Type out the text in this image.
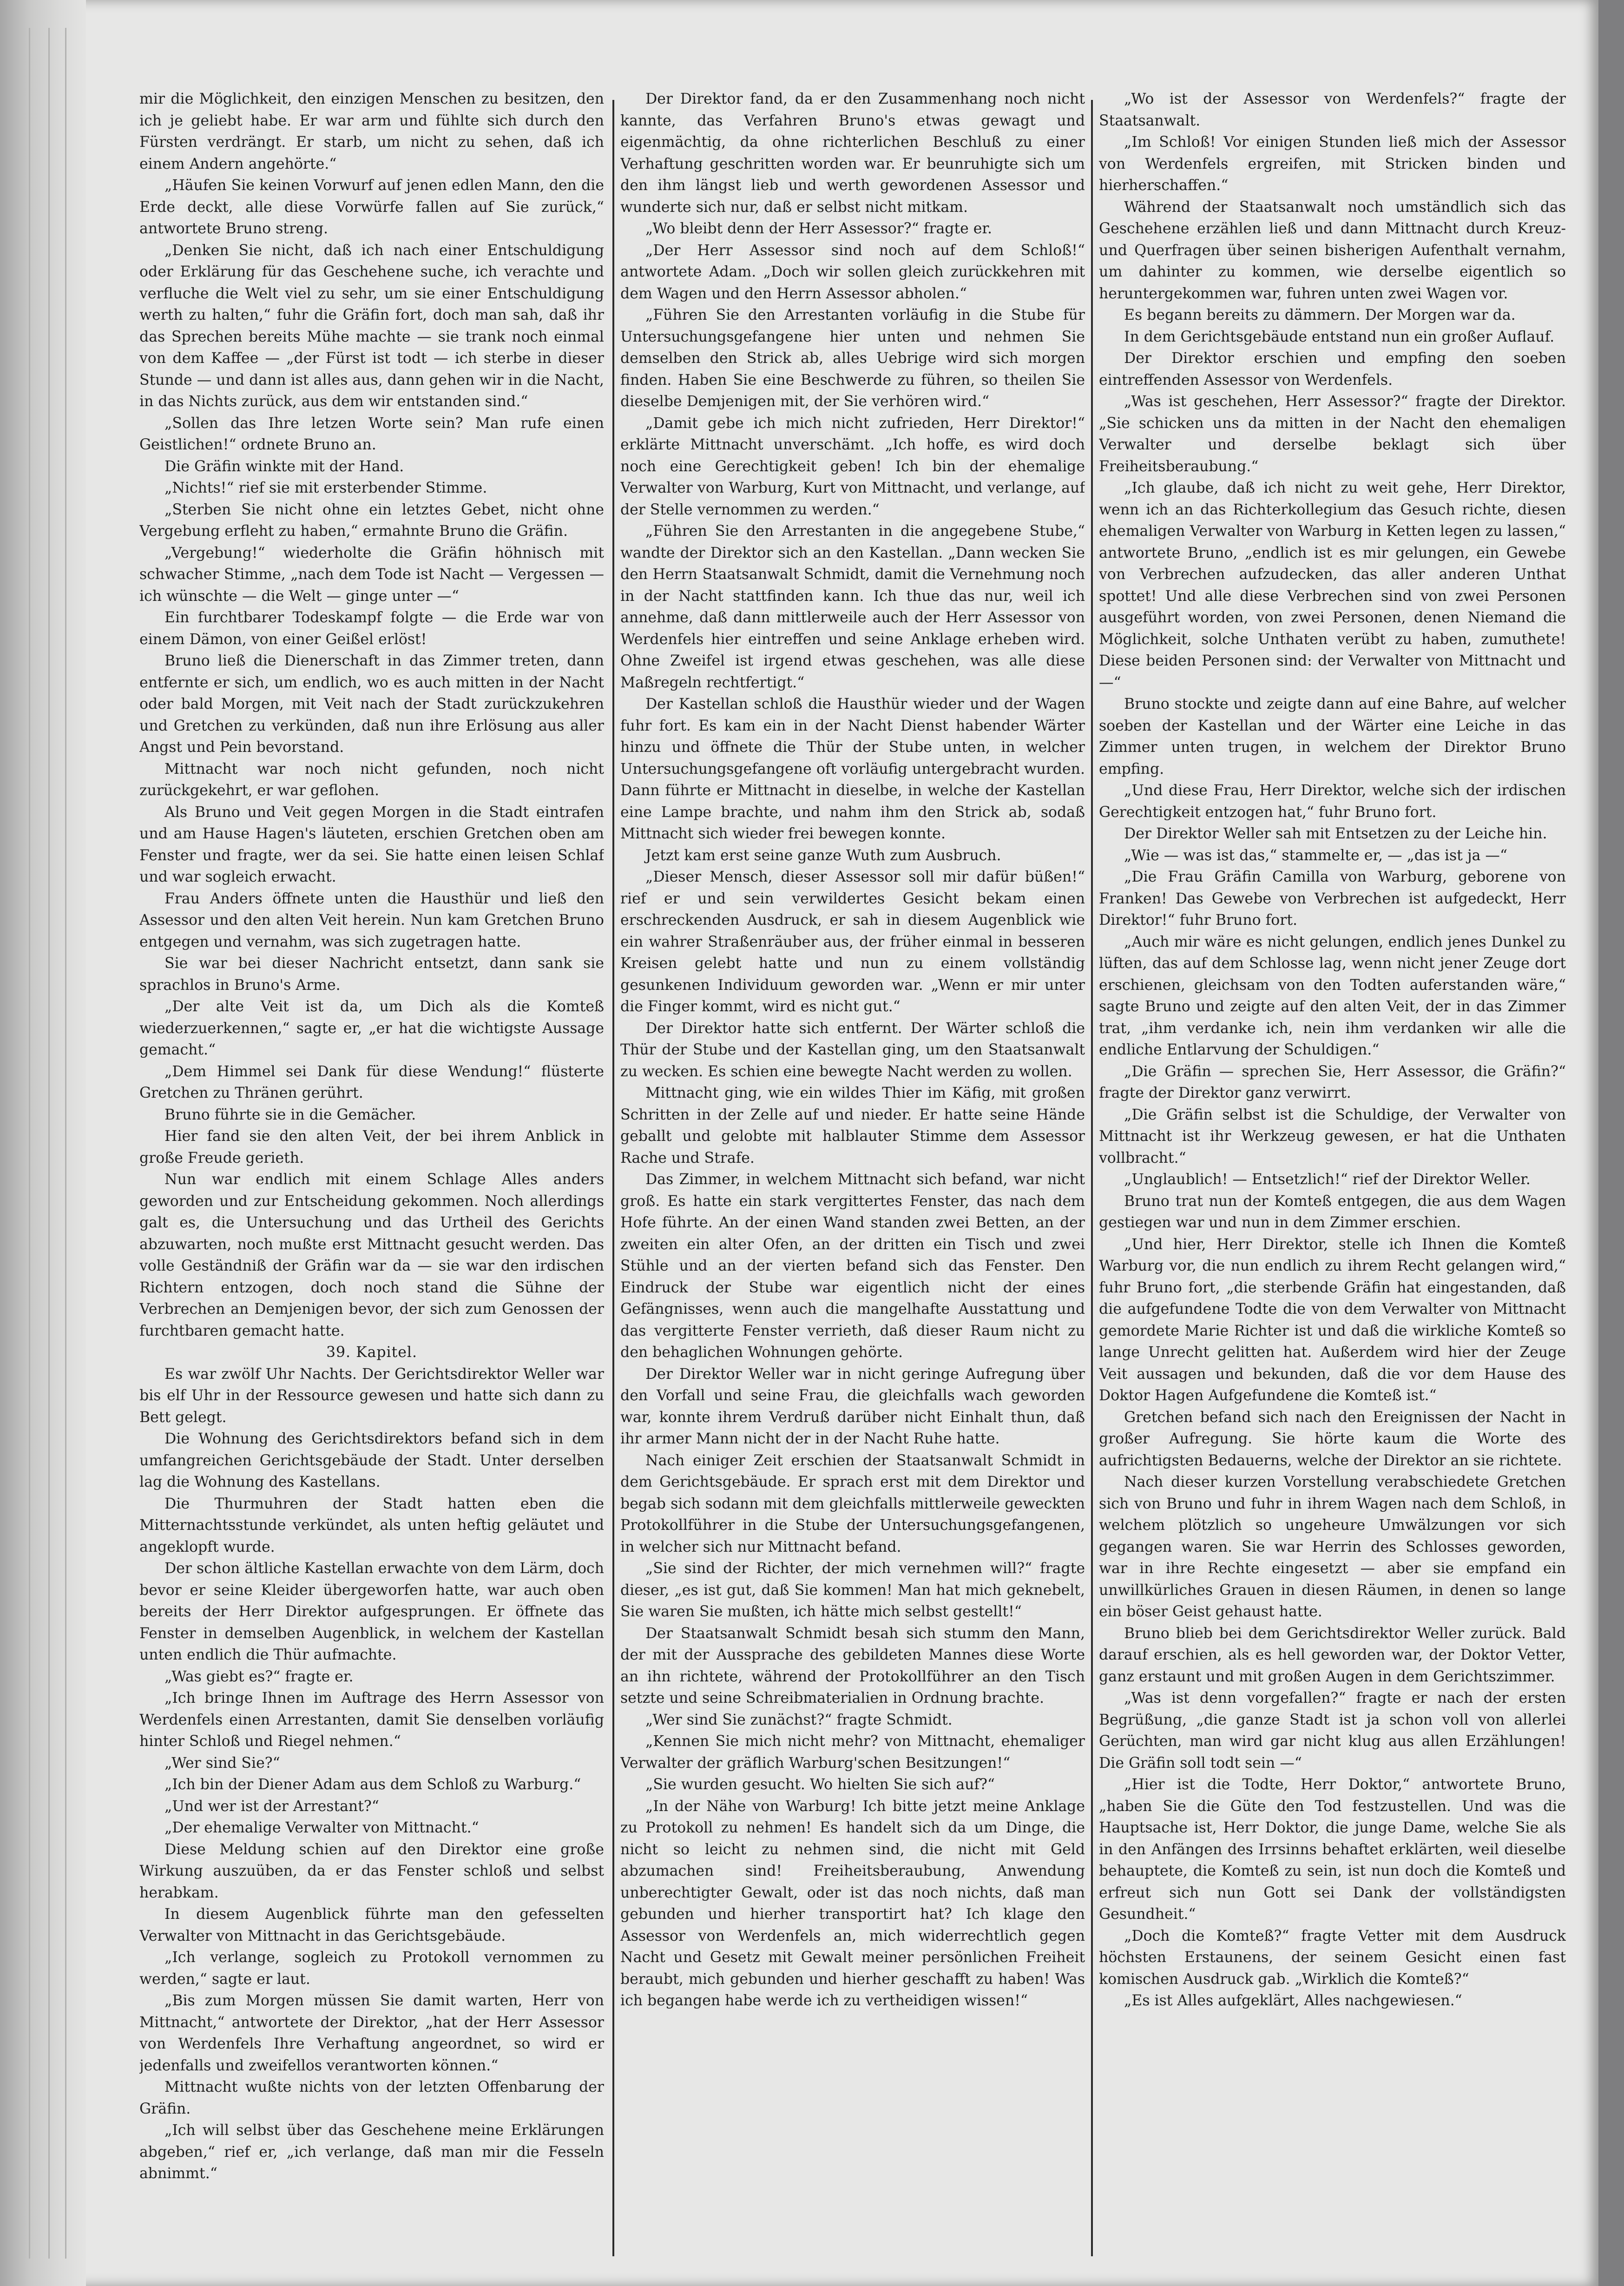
mir die Möglichkeit, den einzigen Menschen zu besitzen, den ich je geliebt habe. Er war arm und fühlte sich durch den Fürsten verdrängt. Er starb, um nicht zu sehen, daß ich einem Andern angehörte.“

„Häufen Sie keinen Vorwurf auf jenen edlen Mann, den die Erde deckt, alle diese Vorwürfe fallen auf Sie zurück,“ antwortete Bruno streng.

„Denken Sie nicht, daß ich nach einer Entschuldigung oder Erklärung für das Geschehene suche, ich verachte und verfluche die Welt viel zu sehr, um sie einer Entschuldigung werth zu halten,“ fuhr die Gräfin fort, doch man sah, daß ihr das Sprechen bereits Mühe machte — sie trank noch einmal von dem Kaffee — „der Fürst ist todt — ich sterbe in dieser Stunde — und dann ist alles aus, dann gehen wir in die Nacht, in das Nichts zurück, aus dem wir entstanden sind.“

„Sollen das Ihre letzen Worte sein? Man rufe einen Geistlichen!“ ordnete Bruno an.

Die Gräfin winkte mit der Hand.

„Nichts!“ rief sie mit ersterbender Stimme.

„Sterben Sie nicht ohne ein letztes Gebet, nicht ohne Vergebung erfleht zu haben,“ ermahnte Bruno die Gräfin.

„Vergebung!“ wiederholte die Gräfin höhnisch mit schwacher Stimme, „nach dem Tode ist Nacht — Vergessen — ich wünschte — die Welt — ginge unter —“

Ein furchtbarer Todeskampf folgte — die Erde war von einem Dämon, von einer Geißel erlöst!

Bruno ließ die Dienerschaft in das Zimmer treten, dann entfernte er sich, um endlich, wo es auch mitten in der Nacht oder bald Morgen, mit Veit nach der Stadt zurückzukehren und Gretchen zu verkünden, daß nun ihre Erlösung aus aller Angst und Pein bevorstand.

Mittnacht war noch nicht gefunden, noch nicht zurückgekehrt, er war geflohen.

Als Bruno und Veit gegen Morgen in die Stadt eintrafen und am Hause Hagen's läuteten, erschien Gretchen oben am Fenster und fragte, wer da sei. Sie hatte einen leisen Schlaf und war sogleich erwacht.

Frau Anders öffnete unten die Hausthür und ließ den Assessor und den alten Veit herein. Nun kam Gretchen Bruno entgegen und vernahm, was sich zugetragen hatte.

Sie war bei dieser Nachricht entsetzt, dann sank sie sprachlos in Bruno's Arme.

„Der alte Veit ist da, um Dich als die Komteß wiederzuerkennen,“ sagte er, „er hat die wichtigste Aussage gemacht.“

„Dem Himmel sei Dank für diese Wendung!“ flüsterte Gretchen zu Thränen gerührt.

Bruno führte sie in die Gemächer.

Hier fand sie den alten Veit, der bei ihrem Anblick in große Freude gerieth.

Nun war endlich mit einem Schlage Alles anders geworden und zur Entscheidung gekommen. Noch allerdings galt es, die Untersuchung und das Urtheil des Gerichts abzuwarten, noch mußte erst Mittnacht gesucht werden. Das volle Geständniß der Gräfin war da — sie war den irdischen Richtern entzogen, doch noch stand die Sühne der Verbrechen an Demjenigen bevor, der sich zum Genossen der furchtbaren gemacht hatte.

39. Kapitel.

Es war zwölf Uhr Nachts. Der Gerichtsdirektor Weller war bis elf Uhr in der Ressource gewesen und hatte sich dann zu Bett gelegt.

Die Wohnung des Gerichtsdirektors befand sich in dem umfangreichen Gerichtsgebäude der Stadt. Unter derselben lag die Wohnung des Kastellans.

Die Thurmuhren der Stadt hatten eben die Mitternachtsstunde verkündet, als unten heftig geläutet und angeklopft wurde.

Der schon ältliche Kastellan erwachte von dem Lärm, doch bevor er seine Kleider übergeworfen hatte, war auch oben bereits der Herr Direktor aufgesprungen. Er öffnete das Fenster in demselben Augenblick, in welchem der Kastellan unten endlich die Thür aufmachte.

„Was giebt es?“ fragte er.

„Ich bringe Ihnen im Auftrage des Herrn Assessor von Werdenfels einen Arrestanten, damit Sie denselben vorläufig hinter Schloß und Riegel nehmen.“

„Wer sind Sie?“

„Ich bin der Diener Adam aus dem Schloß zu Warburg.“

„Und wer ist der Arrestant?“

„Der ehemalige Verwalter von Mittnacht.“

Diese Meldung schien auf den Direktor eine große Wirkung auszuüben, da er das Fenster schloß und selbst herabkam.

In diesem Augenblick führte man den gefesselten Verwalter von Mittnacht in das Gerichtsgebäude.

„Ich verlange, sogleich zu Protokoll vernommen zu werden,“ sagte er laut.

„Bis zum Morgen müssen Sie damit warten, Herr von Mittnacht,“ antwortete der Direktor, „hat der Herr Assessor von Werdenfels Ihre Verhaftung angeordnet, so wird er jedenfalls und zweifellos verantworten können.“

Mittnacht wußte nichts von der letzten Offenbarung der Gräfin.

„Ich will selbst über das Geschehene meine Erklärungen abgeben,“ rief er, „ich verlange, daß man mir die Fesseln abnimmt.“

Der Direktor fand, da er den Zusammenhang noch nicht kannte, das Verfahren Bruno's etwas gewagt und eigenmächtig, da ohne richterlichen Beschluß zu einer Verhaftung geschritten worden war. Er beunruhigte sich um den ihm längst lieb und werth gewordenen Assessor und wunderte sich nur, daß er selbst nicht mitkam.

„Wo bleibt denn der Herr Assessor?“ fragte er.

„Der Herr Assessor sind noch auf dem Schloß!“ antwortete Adam. „Doch wir sollen gleich zurückkehren mit dem Wagen und den Herrn Assessor abholen.“

„Führen Sie den Arrestanten vorläufig in die Stube für Untersuchungsgefangene hier unten und nehmen Sie demselben den Strick ab, alles Uebrige wird sich morgen finden. Haben Sie eine Beschwerde zu führen, so theilen Sie dieselbe Demjenigen mit, der Sie verhören wird.“

„Damit gebe ich mich nicht zufrieden, Herr Direktor!“ erklärte Mittnacht unverschämt. „Ich hoffe, es wird doch noch eine Gerechtigkeit geben! Ich bin der ehemalige Verwalter von Warburg, Kurt von Mittnacht, und verlange, auf der Stelle vernommen zu werden.“

„Führen Sie den Arrestanten in die angegebene Stube,“ wandte der Direktor sich an den Kastellan. „Dann wecken Sie den Herrn Staatsanwalt Schmidt, damit die Vernehmung noch in der Nacht stattfinden kann. Ich thue das nur, weil ich annehme, daß dann mittlerweile auch der Herr Assessor von Werdenfels hier eintreffen und seine Anklage erheben wird. Ohne Zweifel ist irgend etwas geschehen, was alle diese Maßregeln rechtfertigt.“

Der Kastellan schloß die Hausthür wieder und der Wagen fuhr fort. Es kam ein in der Nacht Dienst habender Wärter hinzu und öffnete die Thür der Stube unten, in welcher Untersuchungsgefangene oft vorläufig untergebracht wurden. Dann führte er Mittnacht in dieselbe, in welche der Kastellan eine Lampe brachte, und nahm ihm den Strick ab, sodaß Mittnacht sich wieder frei bewegen konnte.

Jetzt kam erst seine ganze Wuth zum Ausbruch.

„Dieser Mensch, dieser Assessor soll mir dafür büßen!“ rief er und sein verwildertes Gesicht bekam einen erschreckenden Ausdruck, er sah in diesem Augenblick wie ein wahrer Straßenräuber aus, der früher einmal in besseren Kreisen gelebt hatte und nun zu einem vollständig gesunkenen Individuum geworden war. „Wenn er mir unter die Finger kommt, wird es nicht gut.“

Der Direktor hatte sich entfernt. Der Wärter schloß die Thür der Stube und der Kastellan ging, um den Staatsanwalt zu wecken. Es schien eine bewegte Nacht werden zu wollen.

Mittnacht ging, wie ein wildes Thier im Käfig, mit großen Schritten in der Zelle auf und nieder. Er hatte seine Hände geballt und gelobte mit halblauter Stimme dem Assessor Rache und Strafe.

Das Zimmer, in welchem Mittnacht sich befand, war nicht groß. Es hatte ein stark vergittertes Fenster, das nach dem Hofe führte. An der einen Wand standen zwei Betten, an der zweiten ein alter Ofen, an der dritten ein Tisch und zwei Stühle und an der vierten befand sich das Fenster. Den Eindruck der Stube war eigentlich nicht der eines Gefängnisses, wenn auch die mangelhafte Ausstattung und das vergitterte Fenster verrieth, daß dieser Raum nicht zu den behaglichen Wohnungen gehörte.

Der Direktor Weller war in nicht geringe Aufregung über den Vorfall und seine Frau, die gleichfalls wach geworden war, konnte ihrem Verdruß darüber nicht Einhalt thun, daß ihr armer Mann nicht der in der Nacht Ruhe hatte.

Nach einiger Zeit erschien der Staatsanwalt Schmidt in dem Gerichtsgebäude. Er sprach erst mit dem Direktor und begab sich sodann mit dem gleichfalls mittlerweile geweckten Protokollführer in die Stube der Untersuchungsgefangenen, in welcher sich nur Mittnacht befand.

„Sie sind der Richter, der mich vernehmen will?“ fragte dieser, „es ist gut, daß Sie kommen! Man hat mich geknebelt, Sie waren Sie mußten, ich hätte mich selbst gestellt!“

Der Staatsanwalt Schmidt besah sich stumm den Mann, der mit der Aussprache des gebildeten Mannes diese Worte an ihn richtete, während der Protokollführer an den Tisch setzte und seine Schreibmaterialien in Ordnung brachte.

„Wer sind Sie zunächst?“ fragte Schmidt.

„Kennen Sie mich nicht mehr? von Mittnacht, ehemaliger Verwalter der gräflich Warburg'schen Besitzungen!“

„Sie wurden gesucht. Wo hielten Sie sich auf?“

„In der Nähe von Warburg! Ich bitte jetzt meine Anklage zu Protokoll zu nehmen! Es handelt sich da um Dinge, die nicht so leicht zu nehmen sind, die nicht mit Geld abzumachen sind! Freiheitsberaubung, Anwendung unberechtigter Gewalt, oder ist das noch nichts, daß man gebunden und hierher transportirt hat? Ich klage den Assessor von Werdenfels an, mich widerrechtlich gegen Nacht und Gesetz mit Gewalt meiner persönlichen Freiheit beraubt, mich gebunden und hierher geschafft zu haben! Was ich begangen habe werde ich zu vertheidigen wissen!“

„Wo ist der Assessor von Werdenfels?“ fragte der Staatsanwalt.

„Im Schloß! Vor einigen Stunden ließ mich der Assessor von Werdenfels ergreifen, mit Stricken binden und hierherschaffen.“

Während der Staatsanwalt noch umständlich sich das Geschehene erzählen ließ und dann Mittnacht durch Kreuz- und Querfragen über seinen bisherigen Aufenthalt vernahm, um dahinter zu kommen, wie derselbe eigentlich so heruntergekommen war, fuhren unten zwei Wagen vor.

Es begann bereits zu dämmern. Der Morgen war da.

In dem Gerichtsgebäude entstand nun ein großer Auflauf.

Der Direktor erschien und empfing den soeben eintreffenden Assessor von Werdenfels.

„Was ist geschehen, Herr Assessor?“ fragte der Direktor. „Sie schicken uns da mitten in der Nacht den ehemaligen Verwalter und derselbe beklagt sich über Freiheitsberaubung.“

„Ich glaube, daß ich nicht zu weit gehe, Herr Direktor, wenn ich an das Richterkollegium das Gesuch richte, diesen ehemaligen Verwalter von Warburg in Ketten legen zu lassen,“ antwortete Bruno, „endlich ist es mir gelungen, ein Gewebe von Verbrechen aufzudecken, das aller anderen Unthat spottet! Und alle diese Verbrechen sind von zwei Personen ausgeführt worden, von zwei Personen, denen Niemand die Möglichkeit, solche Unthaten verübt zu haben, zumuthete! Diese beiden Personen sind: der Verwalter von Mittnacht und —“

Bruno stockte und zeigte dann auf eine Bahre, auf welcher soeben der Kastellan und der Wärter eine Leiche in das Zimmer unten trugen, in welchem der Direktor Bruno empfing.

„Und diese Frau, Herr Direktor, welche sich der irdischen Gerechtigkeit entzogen hat,“ fuhr Bruno fort.

Der Direktor Weller sah mit Entsetzen zu der Leiche hin.

„Wie — was ist das,“ stammelte er, — „das ist ja —“

„Die Frau Gräfin Camilla von Warburg, geborene von Franken! Das Gewebe von Verbrechen ist aufgedeckt, Herr Direktor!“ fuhr Bruno fort.

„Auch mir wäre es nicht gelungen, endlich jenes Dunkel zu lüften, das auf dem Schlosse lag, wenn nicht jener Zeuge dort erschienen, gleichsam von den Todten auferstanden wäre,“ sagte Bruno und zeigte auf den alten Veit, der in das Zimmer trat, „ihm verdanke ich, nein ihm verdanken wir alle die endliche Entlarvung der Schuldigen.“

„Die Gräfin — sprechen Sie, Herr Assessor, die Gräfin?“ fragte der Direktor ganz verwirrt.

„Die Gräfin selbst ist die Schuldige, der Verwalter von Mittnacht ist ihr Werkzeug gewesen, er hat die Unthaten vollbracht.“

„Unglaublich! — Entsetzlich!“ rief der Direktor Weller.

Bruno trat nun der Komteß entgegen, die aus dem Wagen gestiegen war und nun in dem Zimmer erschien.

„Und hier, Herr Direktor, stelle ich Ihnen die Komteß Warburg vor, die nun endlich zu ihrem Recht gelangen wird,“ fuhr Bruno fort, „die sterbende Gräfin hat eingestanden, daß die aufgefundene Todte die von dem Verwalter von Mittnacht gemordete Marie Richter ist und daß die wirkliche Komteß so lange Unrecht gelitten hat. Außerdem wird hier der Zeuge Veit aussagen und bekunden, daß die vor dem Hause des Doktor Hagen Aufgefundene die Komteß ist.“

Gretchen befand sich nach den Ereignissen der Nacht in großer Aufregung. Sie hörte kaum die Worte des aufrichtigsten Bedauerns, welche der Direktor an sie richtete.

Nach dieser kurzen Vorstellung verabschiedete Gretchen sich von Bruno und fuhr in ihrem Wagen nach dem Schloß, in welchem plötzlich so ungeheure Umwälzungen vor sich gegangen waren. Sie war Herrin des Schlosses geworden, war in ihre Rechte eingesetzt — aber sie empfand ein unwillkürliches Grauen in diesen Räumen, in denen so lange ein böser Geist gehaust hatte.

Bruno blieb bei dem Gerichtsdirektor Weller zurück. Bald darauf erschien, als es hell geworden war, der Doktor Vetter, ganz erstaunt und mit großen Augen in dem Gerichtszimmer.

„Was ist denn vorgefallen?“ fragte er nach der ersten Begrüßung, „die ganze Stadt ist ja schon voll von allerlei Gerüchten, man wird gar nicht klug aus allen Erzählungen! Die Gräfin soll todt sein —“

„Hier ist die Todte, Herr Doktor,“ antwortete Bruno, „haben Sie die Güte den Tod festzustellen. Und was die Hauptsache ist, Herr Doktor, die junge Dame, welche Sie als in den Anfängen des Irrsinns behaftet erklärten, weil dieselbe behauptete, die Komteß zu sein, ist nun doch die Komteß und erfreut sich nun Gott sei Dank der vollständigsten Gesundheit.“

„Doch die Komteß?“ fragte Vetter mit dem Ausdruck höchsten Erstaunens, der seinem Gesicht einen fast komischen Ausdruck gab. „Wirklich die Komteß?“

„Es ist Alles aufgeklärt, Alles nachgewiesen.“
